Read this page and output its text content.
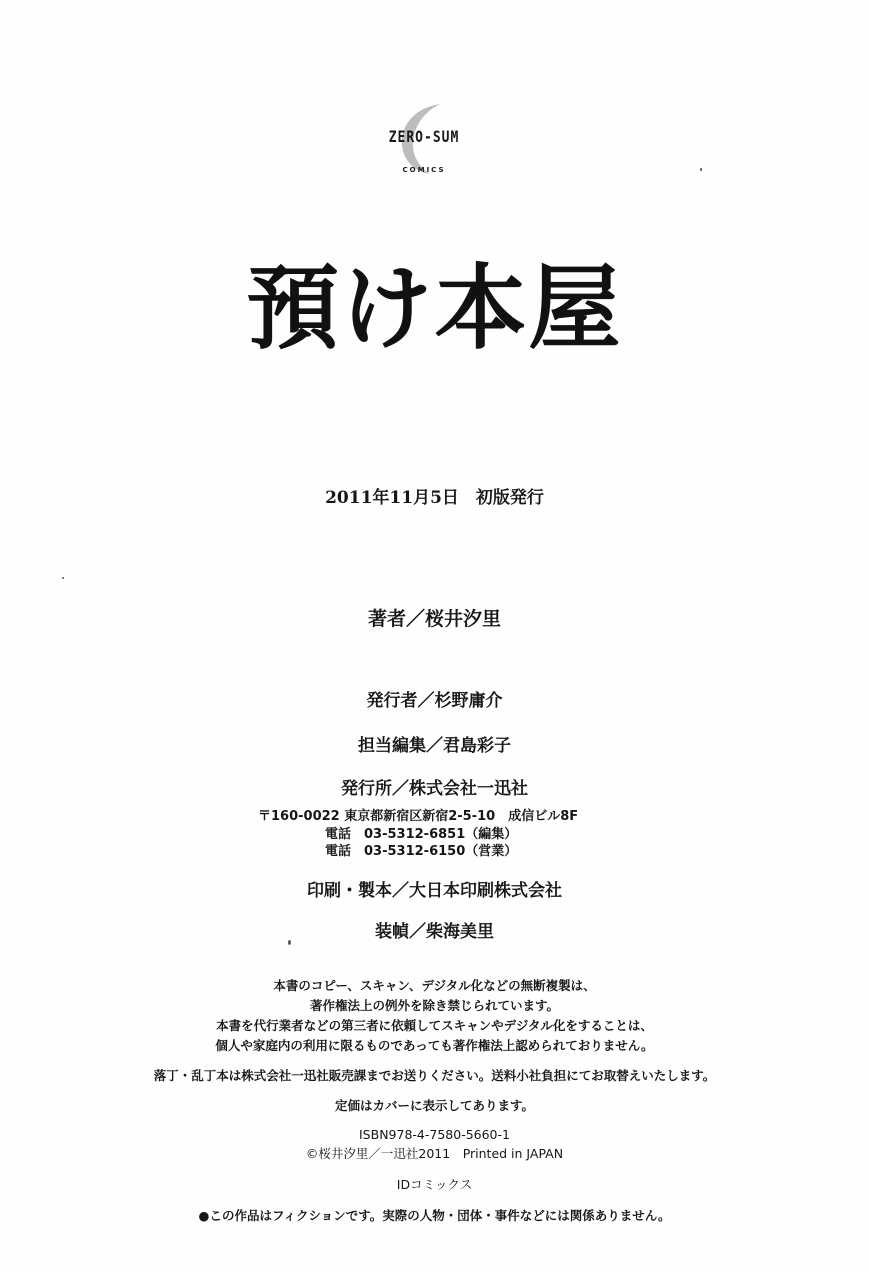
ZERO-SUM
COMICS
預け本屋
2011年11月5日　初版発行
著者／桜井汐里
発行者／杉野庸介
担当編集／君島彩子
発行所／株式会社一迅社
〒160-0022 東京都新宿区新宿2-5-10　成信ビル8F
電話　03-5312-6851（編集）
電話　03-5312-6150（営業）
印刷・製本／大日本印刷株式会社
装幀／柴海美里
本書のコピー、スキャン、デジタル化などの無断複製は、
著作権法上の例外を除き禁じられています。
本書を代行業者などの第三者に依頼してスキャンやデジタル化をすることは、
個人や家庭内の利用に限るものであっても著作権法上認められておりません。
落丁・乱丁本は株式会社一迅社販売課までお送りください。送料小社負担にてお取替えいたします。
定価はカバーに表示してあります。
ISBN978-4-7580-5660-1
©桜井汐里／一迅社2011　Printed in JAPAN
IDコミックス
●この作品はフィクションです。実際の人物・団体・事件などには関係ありません。
